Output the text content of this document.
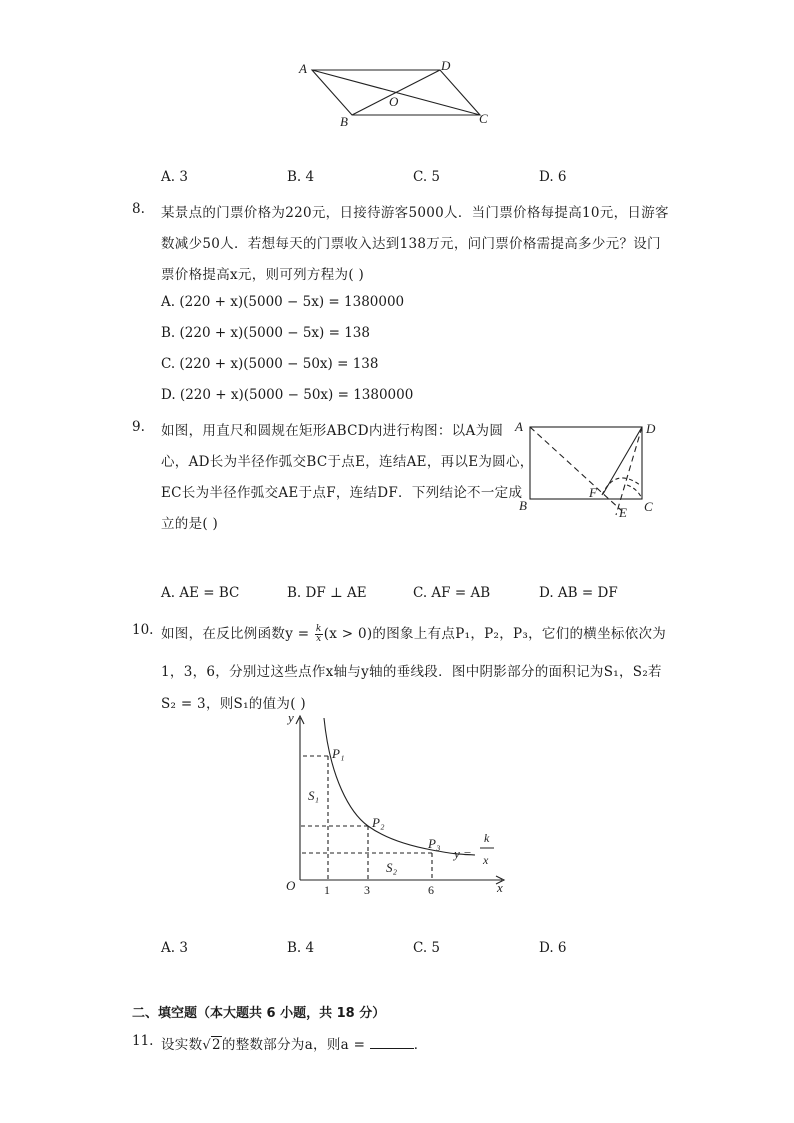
A	D
O
B	C
A. 3	B. 4	C. 5	D. 6
8. 某景点的门票价格为220元，日接待游客5000人．当门票价格每提高10元，日游客
数减少50人．若想每天的门票收入达到138万元，问门票价格需提高多少元？设门
票价格提高x元，则可列方程为( )
A. (220 + x)(5000 − 5x) = 1380000
B. (220 + x)(5000 − 5x) = 138
C. (220 + x)(5000 − 50x) = 138
D. (220 + x)(5000 − 50x) = 1380000
9. 如图，用直尺和圆规在矩形ABCD内进行构图：以A为圆
心，AD长为半径作弧交BC于点E，连结AE，再以E为圆心，
EC长为半径作弧交AE于点F，连结DF．下列结论不一定成
立的是( )
A	D
B
F
E C
A. AE = BC	B. DF ⊥ AE	C. AF = AB	D. AB = DF
10. 如图，在反比例函数$y = \frac{k}{x} (x > 0)$的图象上有点P₁，P₂，P₃，它们的横坐标依次为
1，3，6，分别过这些点作x轴与y轴的垂线段．图中阴影部分的面积记为S₁，S₂若
S₂ = 3，则S₁的值为( )
y
x
O 1	3	6
P₁
P₂
P₃
S₁
S₂
y =
k
x
A. 3	B. 4	C. 5	D. 6
二、填空题（本大题共 6 小题，共 18 分）
11. 设实数√2的整数部分为a，则a =	．
